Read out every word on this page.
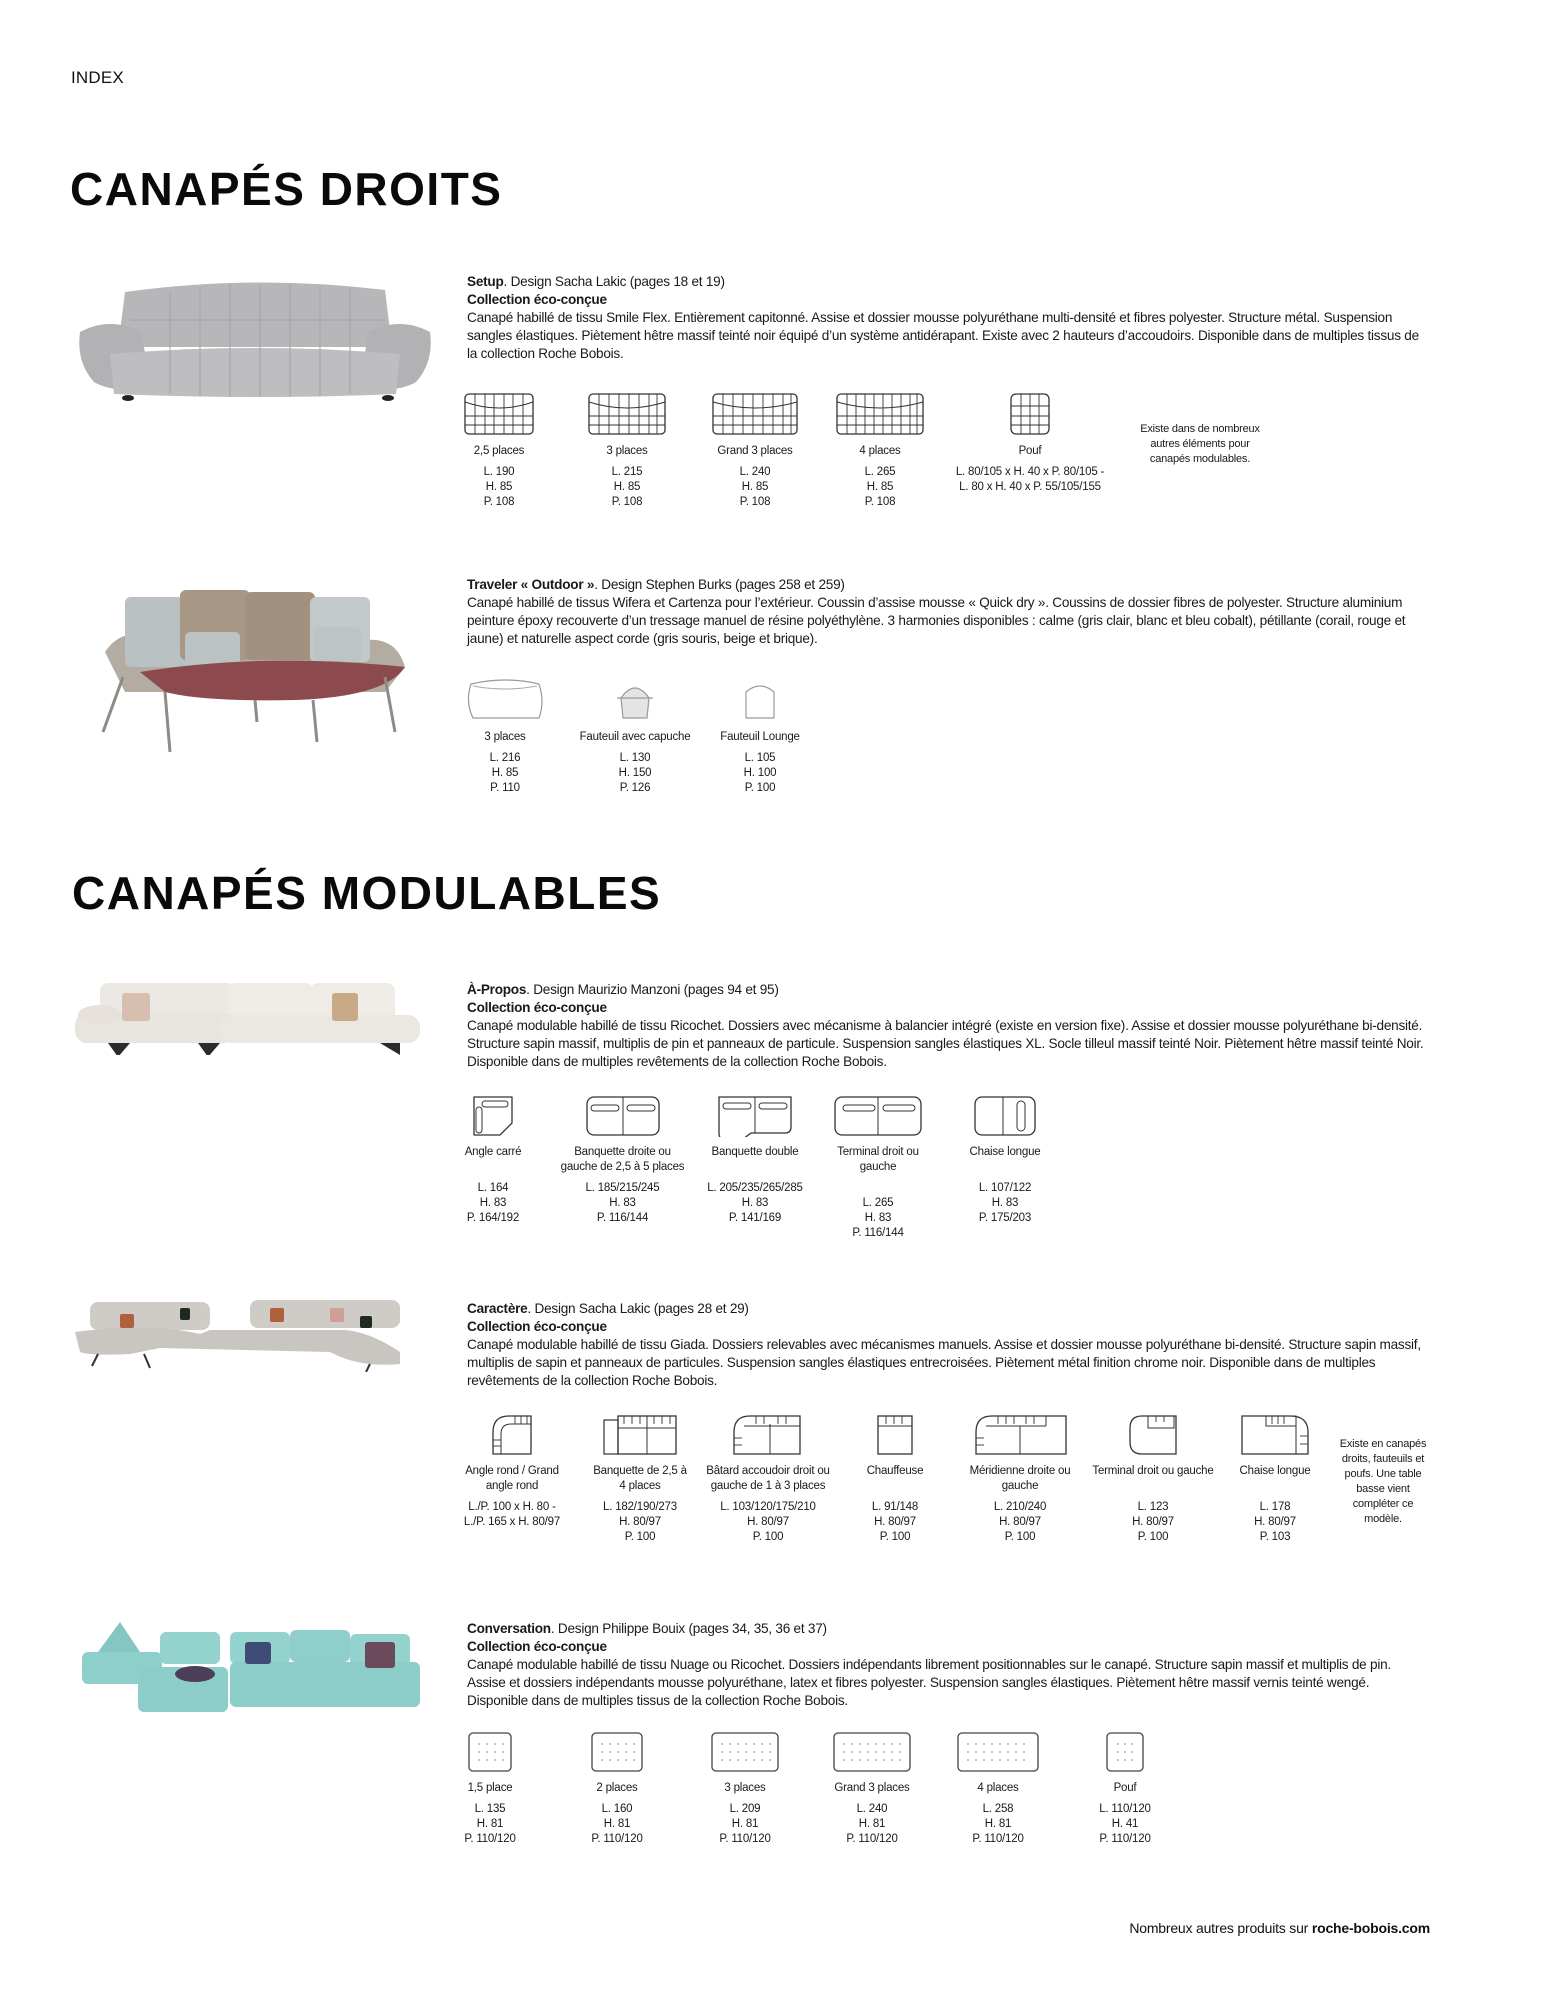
INDEX
CANAPÉS DROITS
Setup. Design Sacha Lakic (pages 18 et 19)
Collection éco-conçue
Canapé habillé de tissu Smile Flex. Entièrement capitonné. Assise et dossier mousse polyuréthane multi-densité et fibres polyester. Structure métal. Suspension sangles élastiques. Piètement hêtre massif teinté noir équipé d’un système antidérapant. Existe avec 2 hauteurs d’accoudoirs. Disponible dans de multiples tissus de la collection Roche Bobois.
2,5 places
L. 190
H. 85
P. 108
3 places
L. 215
H. 85
P. 108
Grand 3 places
L. 240
H. 85
P. 108
4 places
L. 265
H. 85
P. 108
Pouf
L. 80/105 x H. 40 x P. 80/105 -
L. 80 x H. 40 x P. 55/105/155
Existe dans de nombreux autres éléments pour canapés modulables.
Traveler « Outdoor ». Design Stephen Burks (pages 258 et 259)
Canapé habillé de tissus Wifera et Cartenza pour l’extérieur. Coussin d’assise mousse « Quick dry ». Coussins de dossier fibres de polyester. Structure aluminium peinture époxy recouverte d’un tressage manuel de résine polyéthylène. 3 harmonies disponibles : calme (gris clair, blanc et bleu cobalt), pétillante (corail, rouge et jaune) et naturelle aspect corde (gris souris, beige et brique).
3 places
L. 216
H. 85
P. 110
Fauteuil avec capuche
L. 130
H. 150
P. 126
Fauteuil Lounge
L. 105
H. 100
P. 100
CANAPÉS MODULABLES
À-Propos. Design Maurizio Manzoni (pages 94 et 95)
Collection éco-conçue
Canapé modulable habillé de tissu Ricochet. Dossiers avec mécanisme à balancier intégré (existe en version fixe). Assise et dossier mousse polyuréthane bi-densité. Structure sapin massif, multiplis de pin et panneaux de particule. Suspension sangles élastiques XL. Socle tilleul massif teinté Noir. Piètement hêtre massif teinté Noir. Disponible dans de multiples revêtements de la collection Roche Bobois.
Angle carré
L. 164
H. 83
P. 164/192
Banquette droite ou gauche de 2,5 à 5 places
L. 185/215/245
H. 83
P. 116/144
Banquette double
L. 205/235/265/285
H. 83
P. 141/169
Terminal droit ou gauche
L. 265
H. 83
P. 116/144
Chaise longue
L. 107/122
H. 83
P. 175/203
Caractère. Design Sacha Lakic (pages 28 et 29)
Collection éco-conçue
Canapé modulable habillé de tissu Giada. Dossiers relevables avec mécanismes manuels. Assise et dossier mousse polyuréthane bi-densité. Structure sapin massif, multiplis de sapin et panneaux de particules. Suspension sangles élastiques entrecroisées. Piètement métal finition chrome noir. Disponible dans de multiples revêtements de la collection Roche Bobois.
Angle rond / Grand angle rond
L./P. 100 x H. 80 -
L./P. 165 x H. 80/97
Banquette de 2,5 à 4 places
L. 182/190/273
H. 80/97
P. 100
Bâtard accoudoir droit ou gauche de 1 à 3 places
L. 103/120/175/210
H. 80/97
P. 100
Chauffeuse
L. 91/148
H. 80/97
P. 100
Méridienne droite ou gauche
L. 210/240
H. 80/97
P. 100
Terminal droit ou gauche
L. 123
H. 80/97
P. 100
Chaise longue
L. 178
H. 80/97
P. 103
Existe en canapés droits, fauteuils et poufs. Une table basse vient compléter ce modèle.
Conversation. Design Philippe Bouix (pages 34, 35, 36 et 37)
Collection éco-conçue
Canapé modulable habillé de tissu Nuage ou Ricochet. Dossiers indépendants librement positionnables sur le canapé. Structure sapin massif et multiplis de pin. Assise et dossiers indépendants mousse polyuréthane, latex et fibres polyester. Suspension sangles élastiques. Piètement hêtre massif vernis teinté wengé. Disponible dans de multiples tissus de la collection Roche Bobois.
1,5 place
L. 135
H. 81
P. 110/120
2 places
L. 160
H. 81
P. 110/120
3 places
L. 209
H. 81
P. 110/120
Grand 3 places
L. 240
H. 81
P. 110/120
4 places
L. 258
H. 81
P. 110/120
Pouf
L. 110/120
H. 41
P. 110/120
Nombreux autres produits sur roche-bobois.com
